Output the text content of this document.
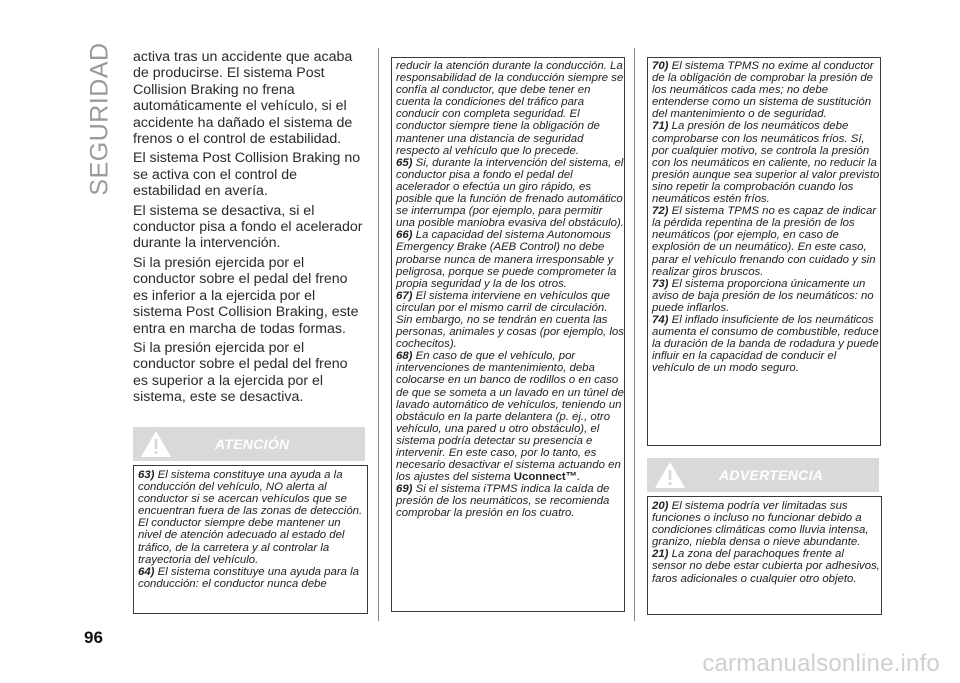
SEGURIDAD activa tras un accidente que acaba de producirse. El sistema Post Collision Braking no frena automáticamente el vehículo, si el accidente ha dañado el sistema de frenos o el control de estabilidad.

El sistema Post Collision Braking no se activa con el control de estabilidad en avería.

El sistema se desactiva, si el conductor pisa a fondo el acelerador durante la intervención.

Si la presión ejercida por el conductor sobre el pedal del freno es inferior a la ejercida por el sistema Post Collision Braking, este entra en marcha de todas formas.

Si la presión ejercida por el conductor sobre el pedal del freno es superior a la ejercida por el sistema, este se desactiva.

ATENCIÓN

63) El sistema constituye una ayuda a la conducción del vehículo, NO alerta al conductor si se acercan vehículos que se encuentran fuera de las zonas de detección. El conductor siempre debe mantener un nivel de atención adecuado al estado del tráfico, de la carretera y al controlar la trayectoria del vehículo.

64) El sistema constituye una ayuda para la conducción: el conductor nunca debe

reducir la atención durante la conducción. La responsabilidad de la conducción siempre se confía al conductor, que debe tener en cuenta la condiciones del tráfico para conducir con completa seguridad. El conductor siempre tiene la obligación de mantener una distancia de seguridad respecto al vehículo que lo precede.

65) Si, durante la intervención del sistema, el conductor pisa a fondo el pedal del acelerador o efectúa un giro rápido, es posible que la función de frenado automático se interrumpa (por ejemplo, para permitir una posible maniobra evasiva del obstáculo).

66) La capacidad del sistema Autonomous Emergency Brake (AEB Control) no debe probarse nunca de manera irresponsable y peligrosa, porque se puede comprometer la propia seguridad y la de los otros.

67) El sistema interviene en vehículos que circulan por el mismo carril de circulación. Sin embargo, no se tendrán en cuenta las personas, animales y cosas (por ejemplo, los cochecitos).

68) En caso de que el vehículo, por intervenciones de mantenimiento, deba colocarse en un banco de rodillos o en caso de que se someta a un lavado en un túnel de lavado automático de vehículos, teniendo un obstáculo en la parte delantera (p. ej., otro vehículo, una pared u otro obstáculo), el sistema podría detectar su presencia e intervenir. En este caso, por lo tanto, es necesario desactivar el sistema actuando en los ajustes del sistema Uconnect™.

69) Si el sistema iTPMS indica la caída de presión de los neumáticos, se recomienda comprobar la presión en los cuatro.

70) El sistema TPMS no exime al conductor de la obligación de comprobar la presión de los neumáticos cada mes; no debe entenderse como un sistema de sustitución del mantenimiento o de seguridad.

71) La presión de los neumáticos debe comprobarse con los neumáticos fríos. Sí, por cualquier motivo, se controla la presión con los neumáticos en caliente, no reducir la presión aunque sea superior al valor previsto sino repetir la comprobación cuando los neumáticos estén fríos.

72) El sistema TPMS no es capaz de indicar la pérdida repentina de la presión de los neumáticos (por ejemplo, en caso de explosión de un neumático). En este caso, parar el vehículo frenando con cuidado y sin realizar giros bruscos.

73) El sistema proporciona únicamente un aviso de baja presión de los neumáticos: no puede inflarlos.

74) El inflado insuficiente de los neumáticos aumenta el consumo de combustible, reduce la duración de la banda de rodadura y puede influir en la capacidad de conducir el vehículo de un modo seguro.

ADVERTENCIA

20) El sistema podría ver limitadas sus funciones o incluso no funcionar debido a condiciones climáticas como lluvia intensa, granizo, niebla densa o nieve abundante.

21) La zona del parachoques frente al sensor no debe estar cubierta por adhesivos, faros adicionales o cualquier otro objeto.

96
carmanualsonline.info
